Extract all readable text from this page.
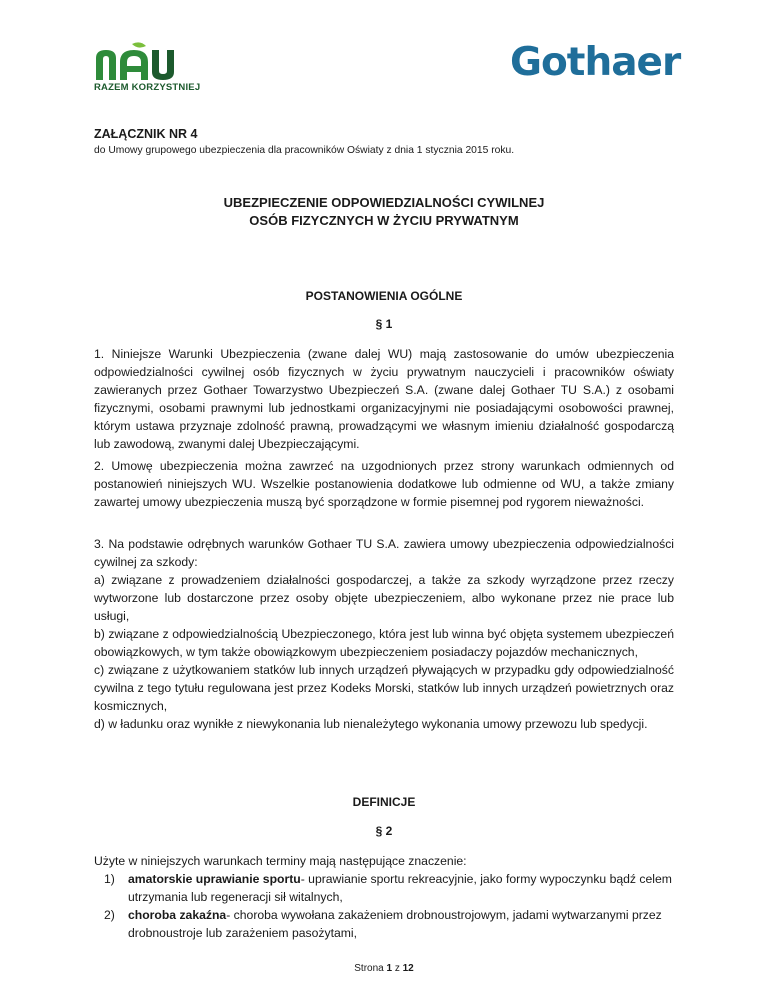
RAZEM KORZYSTNIEJ
Gothaer
ZAŁĄCZNIK NR 4
do Umowy grupowego ubezpieczenia dla pracowników Oświaty z dnia 1 stycznia 2015 roku.
UBEZPIECZENIE ODPOWIEDZIALNOŚCI CYWILNEJ
OSÓB FIZYCZNYCH W ŻYCIU PRYWATNYM
POSTANOWIENIA OGÓLNE
§ 1

1. Niniejsze Warunki Ubezpieczenia (zwane dalej WU) mają zastosowanie do umów ubezpieczenia odpowiedzialności cywilnej osób fizycznych w życiu prywatnym nauczycieli i pracowników oświaty zawieranych przez Gothaer Towarzystwo Ubezpieczeń S.A. (zwane dalej Gothaer TU S.A.) z osobami fizycznymi, osobami prawnymi lub jednostkami organizacyjnymi nie posiadającymi osobowości prawnej, którym ustawa przyznaje zdolność prawną, prowadzącymi we własnym imieniu działalność gospodarczą lub zawodową, zwanymi dalej Ubezpieczającymi.

2. Umowę ubezpieczenia można zawrzeć na uzgodnionych przez strony warunkach odmiennych od postanowień niniejszych WU. Wszelkie postanowienia dodatkowe lub odmienne od WU, a także zmiany zawartej umowy ubezpieczenia muszą być sporządzone w formie pisemnej pod rygorem nieważności.

3. Na podstawie odrębnych warunków Gothaer TU S.A. zawiera umowy ubezpieczenia odpowiedzialności cywilnej za szkody:

a) związane z prowadzeniem działalności gospodarczej, a także za szkody wyrządzone przez rzeczy wytworzone lub dostarczone przez osoby objęte ubezpieczeniem, albo wykonane przez nie prace lub usługi,

b) związane z odpowiedzialnością Ubezpieczonego, która jest lub winna być objęta systemem ubezpieczeń obowiązkowych, w tym także obowiązkowym ubezpieczeniem posiadaczy pojazdów mechanicznych,

c) związane z użytkowaniem statków lub innych urządzeń pływających w przypadku gdy odpowiedzialność cywilna z tego tytułu regulowana jest przez Kodeks Morski, statków lub innych urządzeń powietrznych oraz kosmicznych,

d) w ładunku oraz wynikłe z niewykonania lub nienależytego wykonania umowy przewozu lub spedycji.

DEFINICJE
§ 2

Użyte w niniejszych warunkach terminy mają następujące znaczenie:

1) amatorskie uprawianie sportu- uprawianie sportu rekreacyjnie, jako formy wypoczynku bądź celem utrzymania lub regeneracji sił witalnych,
2) choroba zakaźna- choroba wywołana zakażeniem drobnoustrojowym, jadami wytwarzanymi przez drobnoustroje lub zarażeniem pasożytami,
Strona 1 z 12
